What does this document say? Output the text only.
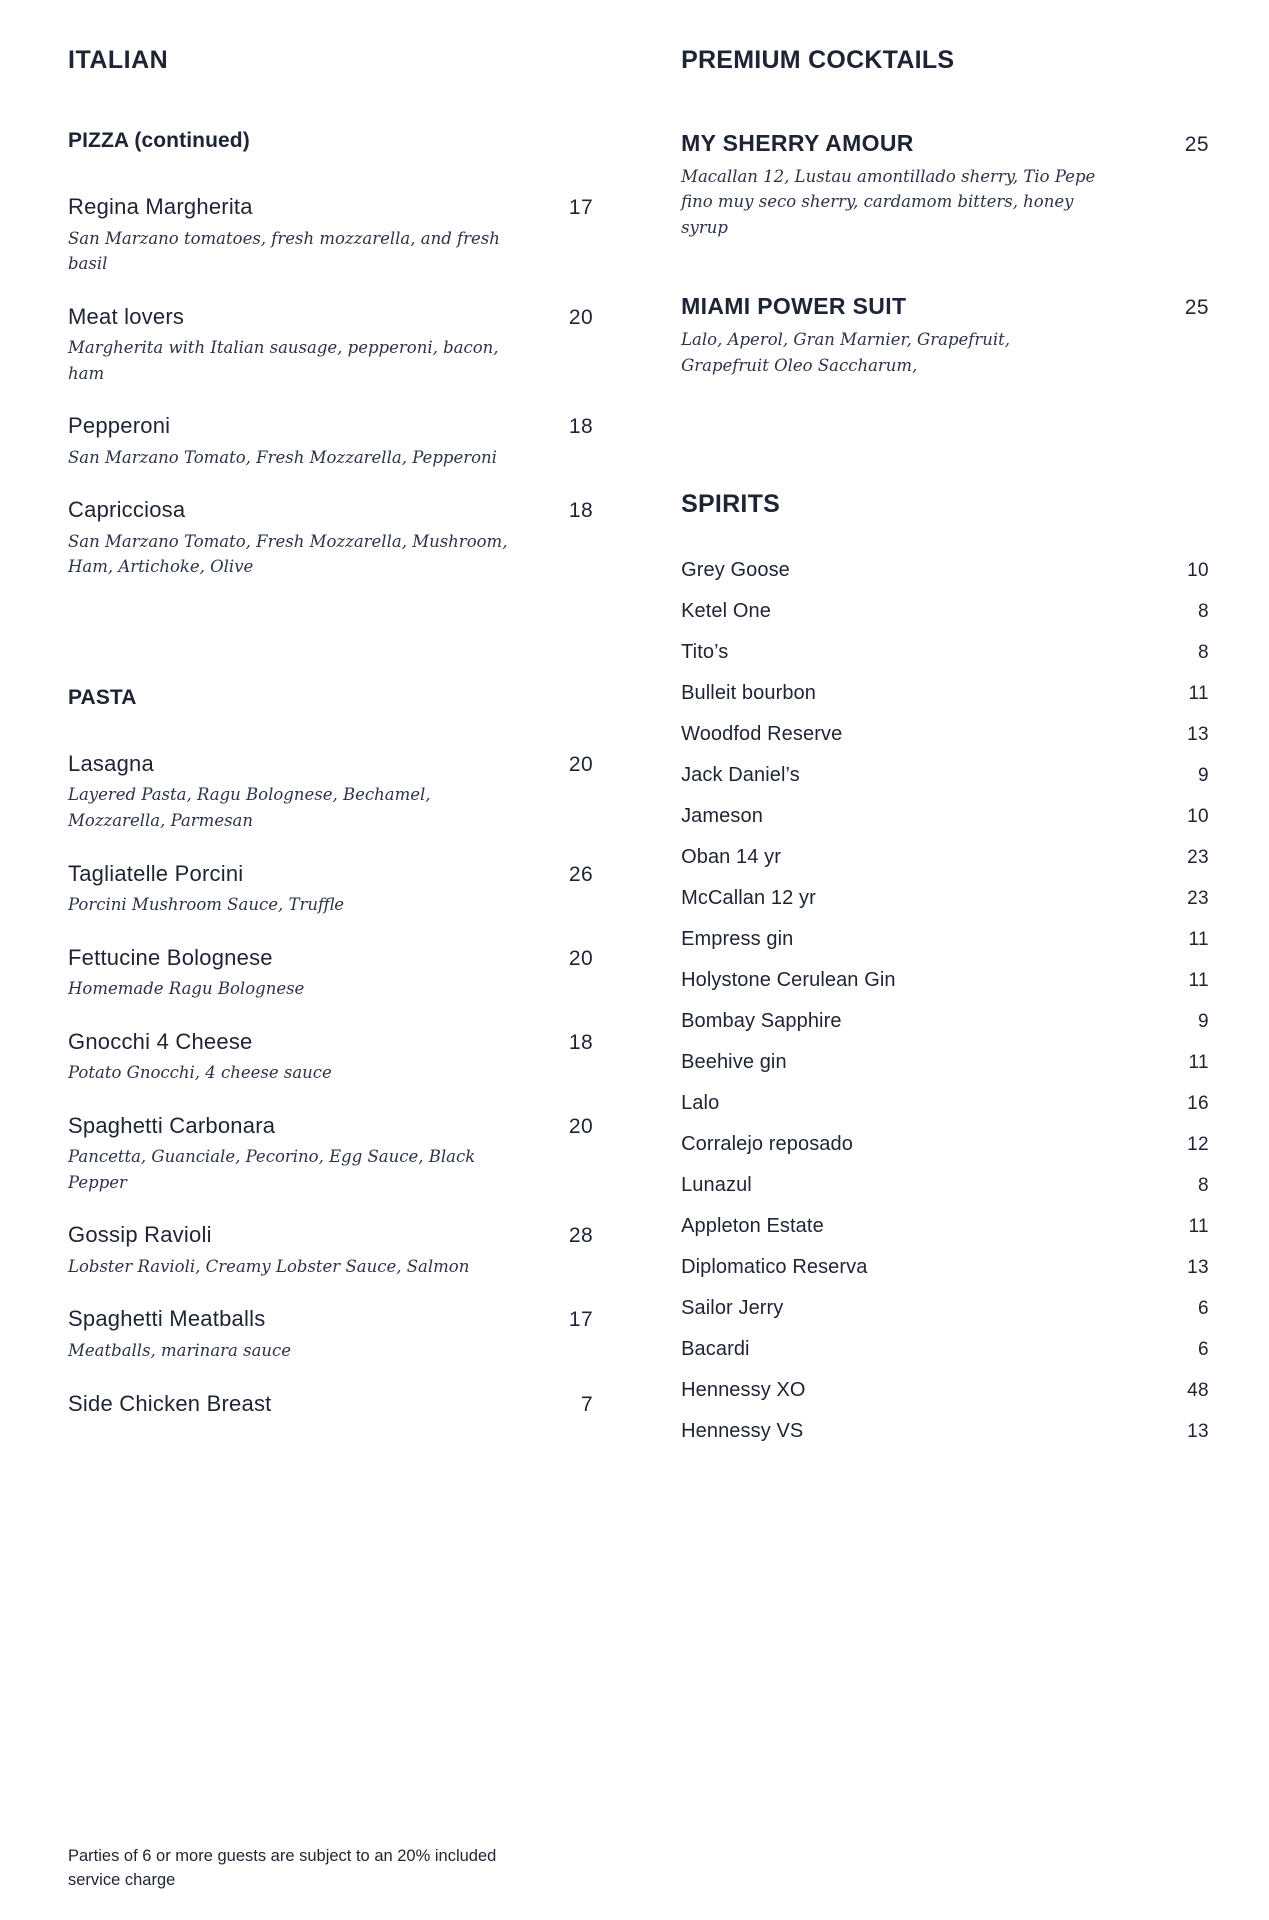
ITALIAN
PIZZA (continued)
Regina Margherita	17
San Marzano tomatoes, fresh mozzarella, and fresh basil
Meat lovers	20
Margherita with Italian sausage, pepperoni, bacon, ham
Pepperoni	18
San Marzano Tomato, Fresh Mozzarella, Pepperoni
Capricciosa	18
San Marzano Tomato, Fresh Mozzarella, Mushroom, Ham, Artichoke, Olive
PASTA
Lasagna	20
Layered Pasta, Ragu Bolognese, Bechamel, Mozzarella, Parmesan
Tagliatelle Porcini	26
Porcini Mushroom Sauce, Truffle
Fettucine Bolognese	20
Homemade Ragu Bolognese
Gnocchi 4 Cheese	18
Potato Gnocchi, 4 cheese sauce
Spaghetti Carbonara	20
Pancetta, Guanciale, Pecorino, Egg Sauce, Black Pepper
Gossip Ravioli	28
Lobster Ravioli, Creamy Lobster Sauce, Salmon
Spaghetti Meatballs	17
Meatballs, marinara sauce
Side Chicken Breast	7
PREMIUM COCKTAILS
MY SHERRY AMOUR	25
Macallan 12, Lustau amontillado sherry, Tio Pepe fino muy seco sherry, cardamom bitters, honey syrup
MIAMI POWER SUIT	25
Lalo, Aperol, Gran Marnier, Grapefruit, Grapefruit Oleo Saccharum,
SPIRITS
Grey Goose	10
Ketel One	8
Tito’s	8
Bulleit bourbon	11
Woodfod Reserve	13
Jack Daniel’s	9
Jameson	10
Oban 14 yr	23
McCallan 12 yr	23
Empress gin	11
Holystone Cerulean Gin	11
Bombay Sapphire	9
Beehive gin	11
Lalo	16
Corralejo reposado	12
Lunazul	8
Appleton Estate	11
Diplomatico Reserva	13
Sailor Jerry	6
Bacardi	6
Hennessy XO	48
Hennessy VS	13
Parties of 6 or more guests are subject to an 20% included service charge
